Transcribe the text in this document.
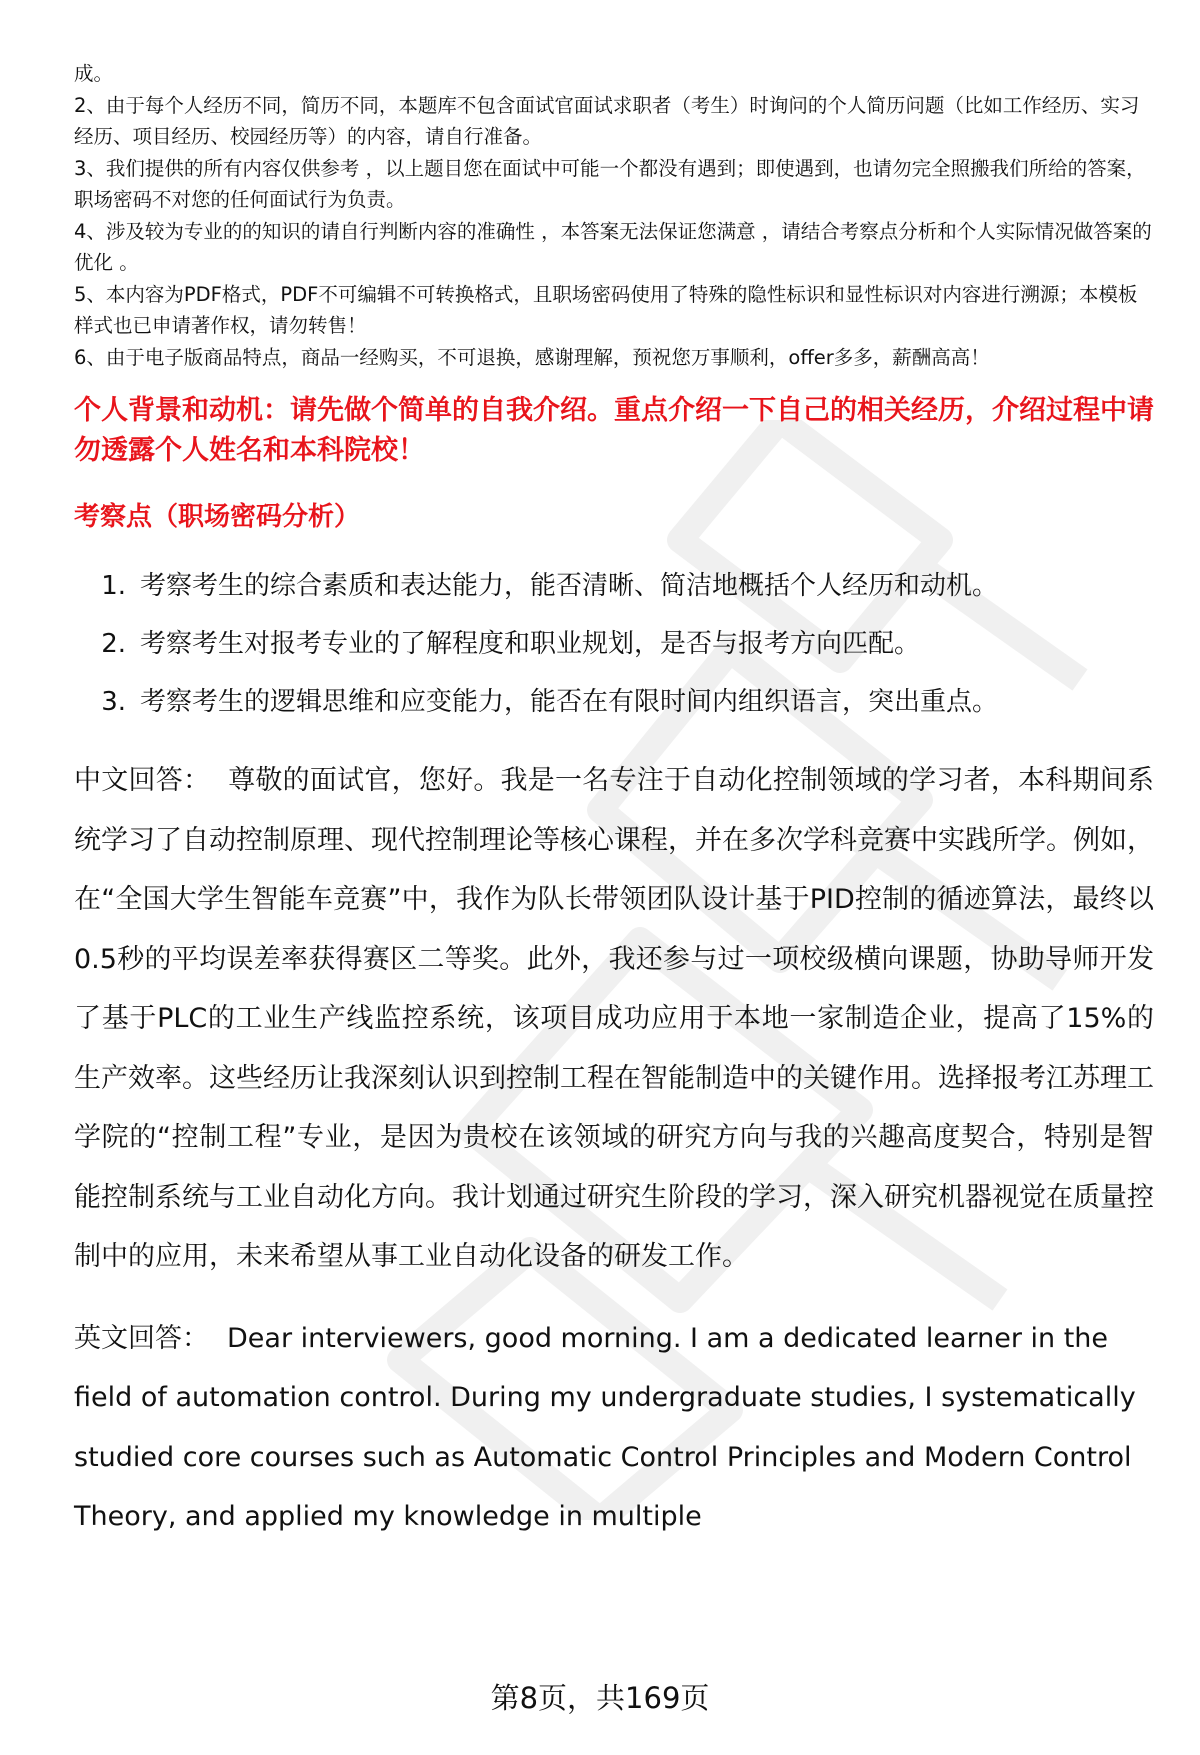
成。

2、由于每个人经历不同，简历不同，本题库不包含面试官面试求职者（考生）时询问的个人简历问题（比如工作经历、实习经历、项目经历、校园经历等）的内容，请自行准备。

3、我们提供的所有内容仅供参考 ，以上题目您在面试中可能一个都没有遇到；即使遇到，也请勿完全照搬我们所给的答案，职场密码不对您的任何面试行为负责。

4、涉及较为专业的的知识的请自行判断内容的准确性 ，本答案无法保证您满意 ，请结合考察点分析和个人实际情况做答案的优化 。

5、本内容为PDF格式，PDF不可编辑不可转换格式，且职场密码使用了特殊的隐性标识和显性标识对内容进行溯源；本模板样式也已申请著作权，请勿转售！

6、由于电子版商品特点，商品一经购买，不可退换，感谢理解，预祝您万事顺利，offer多多，薪酬高高！

个人背景和动机：请先做个简单的自我介绍。重点介绍一下自己的相关经历，介绍过程中请勿透露个人姓名和本科院校！
考察点（职场密码分析）
1. 考察考生的综合素质和表达能力，能否清晰、简洁地概括个人经历和动机。
2. 考察考生对报考专业的了解程度和职业规划，是否与报考方向匹配。
3. 考察考生的逻辑思维和应变能力，能否在有限时间内组织语言，突出重点。

中文回答： 尊敬的面试官，您好。我是一名专注于自动化控制领域的学习者，本科期间系统学习了自动控制原理、现代控制理论等核心课程，并在多次学科竞赛中实践所学。例如，在“全国大学生智能车竞赛”中，我作为队长带领团队设计基于PID控制的循迹算法，最终以0.5秒的平均误差率获得赛区二等奖。此外，我还参与过一项校级横向课题，协助导师开发了基于PLC的工业生产线监控系统，该项目成功应用于本地一家制造企业，提高了15%的生产效率。这些经历让我深刻认识到控制工程在智能制造中的关键作用。选择报考江苏理工学院的“控制工程”专业，是因为贵校在该领域的研究方向与我的兴趣高度契合，特别是智能控制系统与工业自动化方向。我计划通过研究生阶段的学习，深入研究机器视觉在质量控制中的应用，未来希望从事工业自动化设备的研发工作。

英文回答： Dear interviewers, good morning. I am a dedicated learner in the field of automation control. During my undergraduate studies, I systematically studied core courses such as Automatic Control Principles and Modern Control Theory, and applied my knowledge in multiple

第8页，共169页
